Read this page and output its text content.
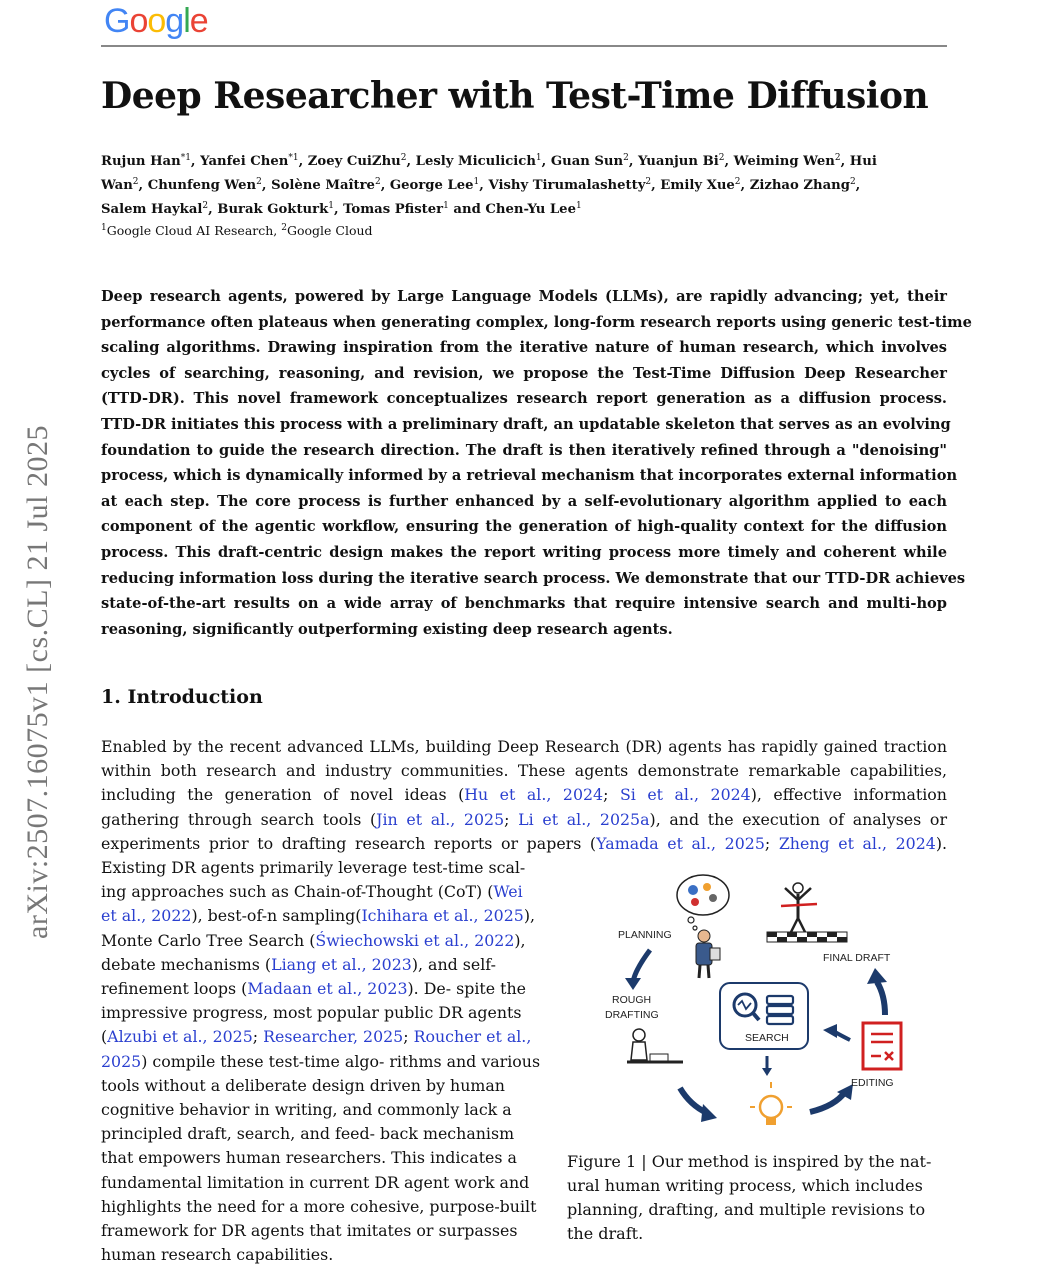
Google
arXiv:2507.16075v1 [cs.CL] 21 Jul 2025
Deep Researcher with Test-Time Diffusion
Rujun Han$^{*1}$, Yanfei Chen$^{*1}$, Zoey CuiZhu$^2$, Lesly Miculicich$^1$, Guan Sun$^2$, Yuanjun Bi$^2$, Weiming Wen$^2$, Hui
Wan$^2$, Chunfeng Wen$^2$, Solène Maître$^2$, George Lee$^1$, Vishy Tirumalashetty$^2$, Emily Xue$^2$, Zizhao Zhang$^2$,
Salem Haykal$^2$, Burak Gokturk$^1$, Tomas Pfister$^1$ and Chen-Yu Lee$^1$
$^1$Google Cloud AI Research, $^2$Google Cloud
Deep research agents, powered by Large Language Models (LLMs), are rapidly advancing; yet, their
performance often plateaus when generating complex, long-form research reports using generic test-time
scaling algorithms. Drawing inspiration from the iterative nature of human research, which involves
cycles of searching, reasoning, and revision, we propose the Test-Time Diffusion Deep Researcher
(TTD-DR). This novel framework conceptualizes research report generation as a diffusion process.
TTD-DR initiates this process with a preliminary draft, an updatable skeleton that serves as an evolving
foundation to guide the research direction. The draft is then iteratively refined through a "denoising"
process, which is dynamically informed by a retrieval mechanism that incorporates external information
at each step. The core process is further enhanced by a self-evolutionary algorithm applied to each
component of the agentic workflow, ensuring the generation of high-quality context for the diffusion
process. This draft-centric design makes the report writing process more timely and coherent while
reducing information loss during the iterative search process. We demonstrate that our TTD-DR achieves
state-of-the-art results on a wide array of benchmarks that require intensive search and multi-hop
reasoning, significantly outperforming existing deep research agents.
1. Introduction
Enabled by the recent advanced LLMs, building Deep Research (DR) agents has rapidly gained traction
within both research and industry communities. These agents demonstrate remarkable capabilities,
including the generation of novel ideas (Hu et al., 2024; Si et al., 2024), effective information
gathering through search tools (Jin et al., 2025; Li et al., 2025a), and the execution of analyses or
experiments prior to drafting research reports or papers (Yamada et al., 2025; Zheng et al., 2024).
Existing DR agents primarily leverage test-time scal- ing approaches such as Chain-of-Thought (CoT) (Wei et al., 2022), best-of-n sampling(Ichihara et al., 2025), Monte Carlo Tree Search (Świechowski et al., 2022), debate mechanisms (Liang et al., 2023), and self-refinement loops (Madaan et al., 2023). De- spite the impressive progress, most popular public DR agents (Alzubi et al., 2025; Researcher, 2025; Roucher et al., 2025) compile these test-time algo- rithms and various tools without a deliberate design driven by human cognitive behavior in writing, and commonly lack a principled draft, search, and feed- back mechanism that empowers human researchers. This indicates a fundamental limitation in current DR agent work and highlights the need for a more cohesive, purpose-built framework for DR agents that imitates or surpasses human research capabilities.
PLANNING
ROUGH
DRAFTING
SEARCH
EDITING
FINAL DRAFT
Figure 1 | Our method is inspired by the nat-
ural human writing process, which includes
planning, drafting, and multiple revisions to
the draft.
